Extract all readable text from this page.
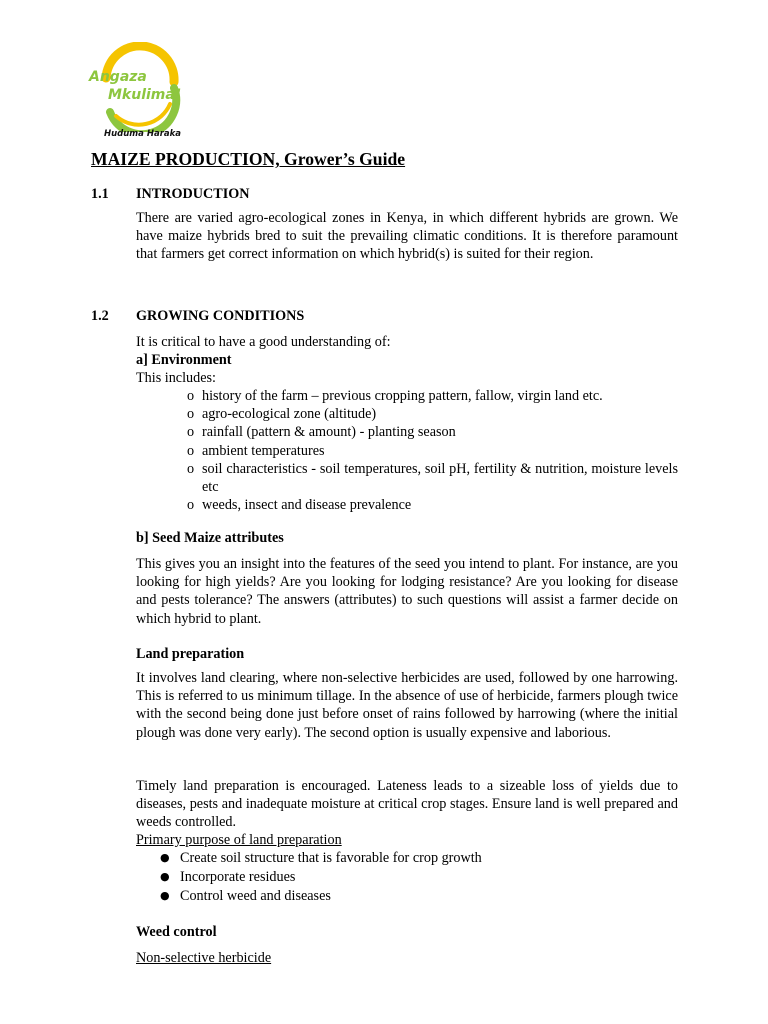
Angaza
Mkulima!
Huduma Haraka
MAIZE PRODUCTION, Grower’s Guide
1.1 INTRODUCTION

There are varied agro-ecological zones in Kenya, in which different hybrids are grown. We have maize hybrids bred to suit the prevailing climatic conditions. It is therefore paramount that farmers get correct information on which hybrid(s) is suited for their region.

1.2 GROWING CONDITIONS

It is critical to have a good understanding of:

a] Environment

This includes:

o history of the farm – previous cropping pattern, fallow, virgin land etc.
o agro-ecological zone (altitude)
o rainfall (pattern & amount) - planting season
o ambient temperatures
o soil characteristics - soil temperatures, soil pH, fertility & nutrition, moisture levels etc
o weeds, insect and disease prevalence

b] Seed Maize attributes

This gives you an insight into the features of the seed you intend to plant. For instance, are you looking for high yields? Are you looking for lodging resistance? Are you looking for disease and pests tolerance? The answers (attributes) to such questions will assist a farmer decide on which hybrid to plant.

Land preparation

It involves land clearing, where non-selective herbicides are used, followed by one harrowing. This is referred to us minimum tillage. In the absence of use of herbicide, farmers plough twice with the second being done just before onset of rains followed by harrowing (where the initial plough was done very early). The second option is usually expensive and laborious.

Timely land preparation is encouraged. Lateness leads to a sizeable loss of yields due to diseases, pests and inadequate moisture at critical crop stages. Ensure land is well prepared and weeds controlled.

Primary purpose of land preparation

● Create soil structure that is favorable for crop growth
● Incorporate residues
● Control weed and diseases

Weed control

Non-selective herbicide
